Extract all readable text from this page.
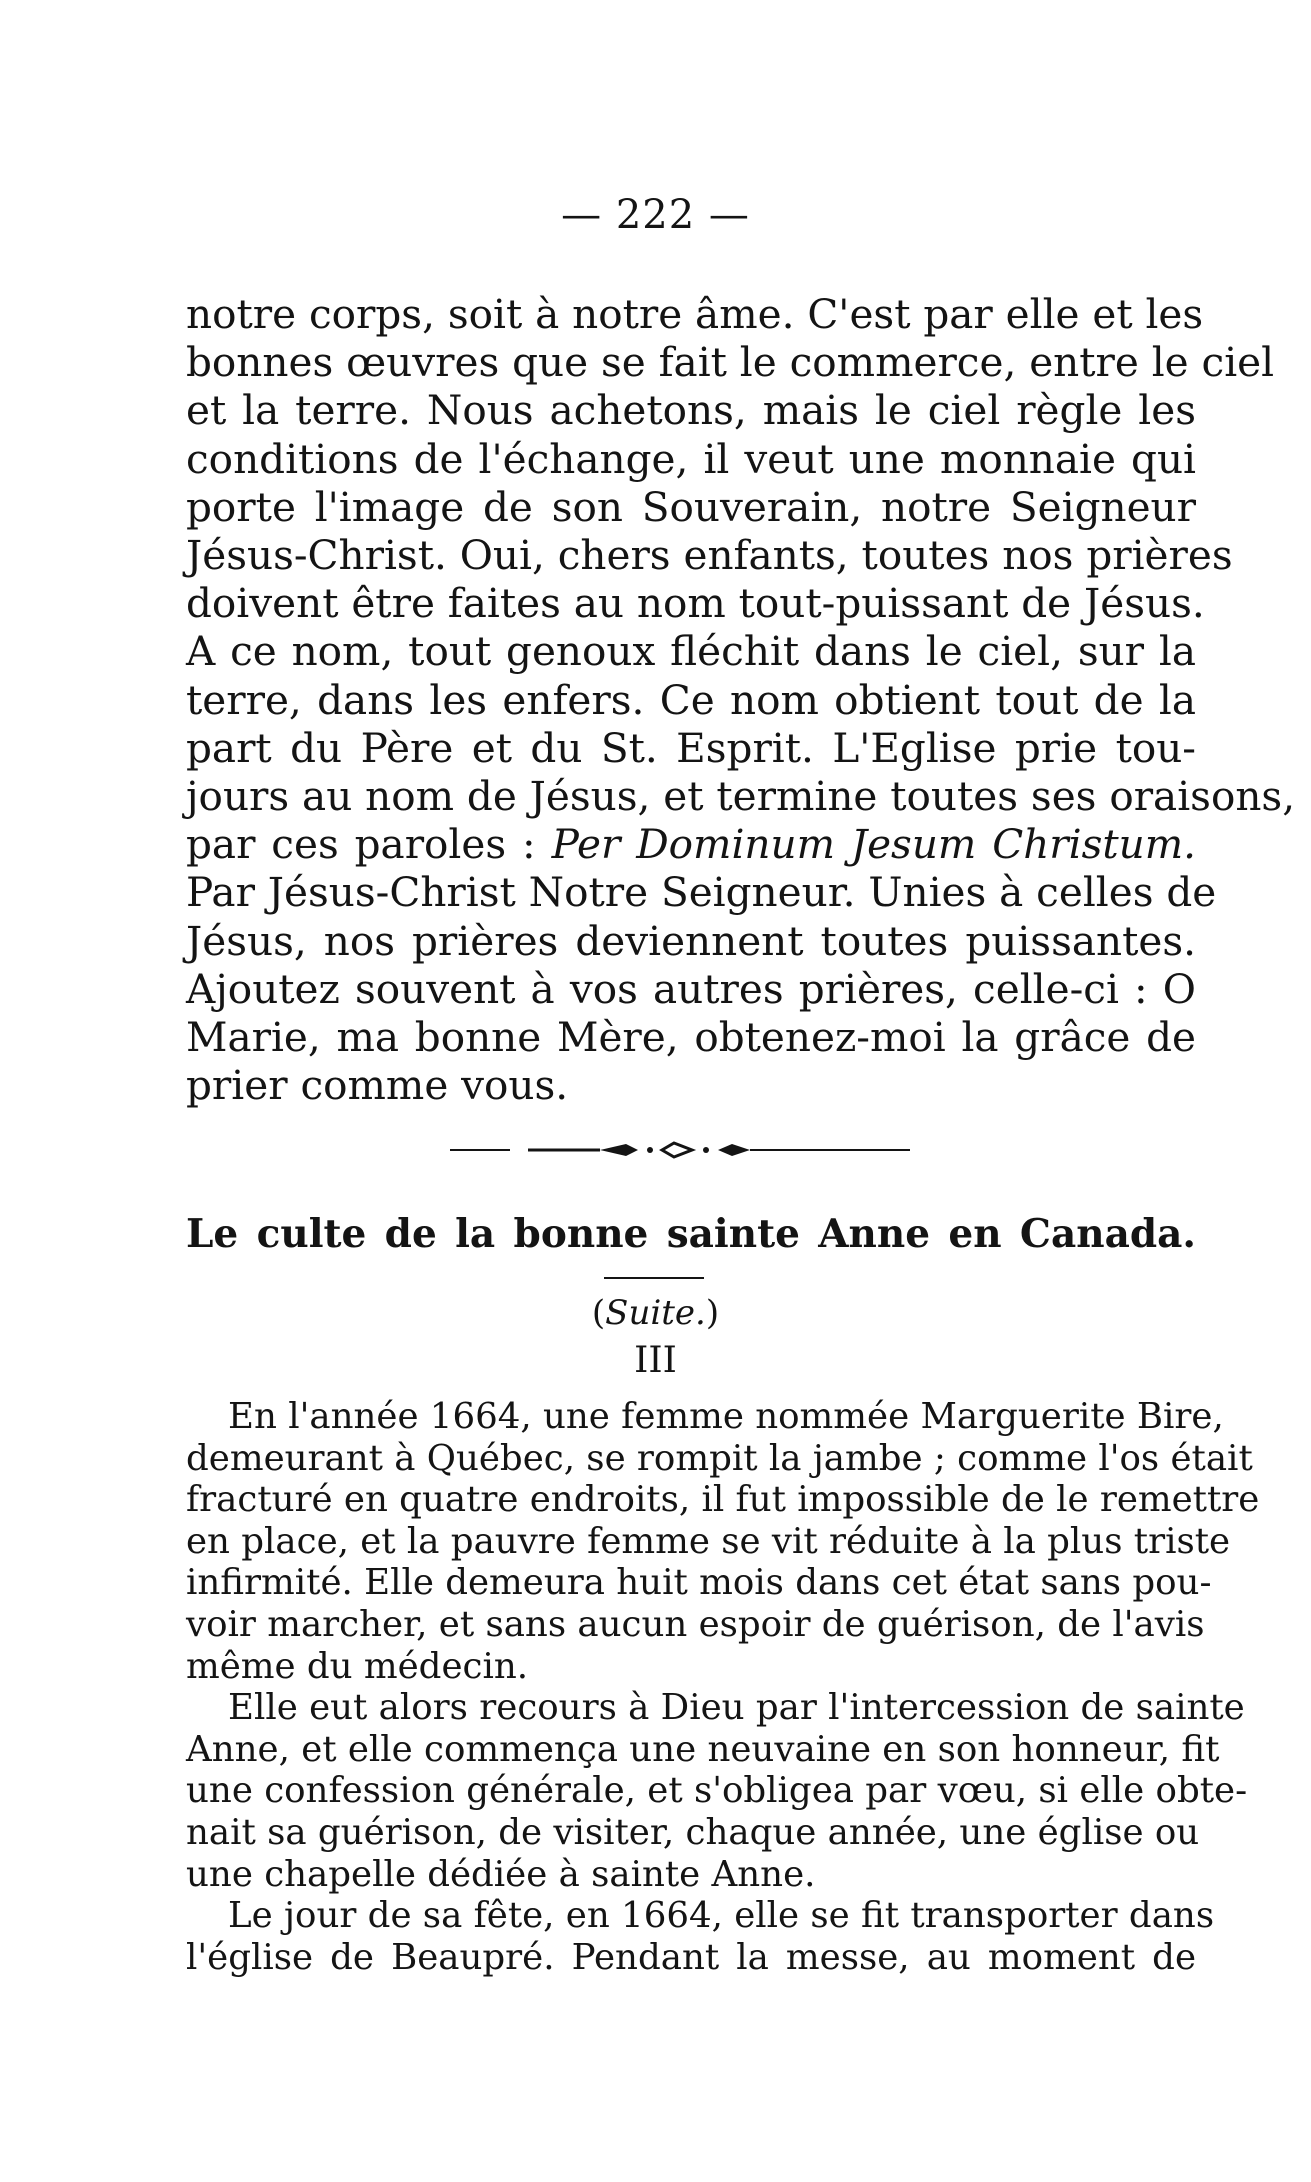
— 222 —
notre corps, soit à notre âme. C'est par elle et les
bonnes œuvres que se fait le commerce, entre le ciel
et la terre. Nous achetons, mais le ciel règle les
conditions de l'échange, il veut une monnaie qui
porte l'image de son Souverain, notre Seigneur
Jésus-Christ. Oui, chers enfants, toutes nos prières
doivent être faites au nom tout-puissant de Jésus.
A ce nom, tout genoux fléchit dans le ciel, sur la
terre, dans les enfers. Ce nom obtient tout de la
part du Père et du St. Esprit. L'Eglise prie tou-
jours au nom de Jésus, et termine toutes ses oraisons,
par ces paroles : Per Dominum Jesum Christum.
Par Jésus-Christ Notre Seigneur. Unies à celles de
Jésus, nos prières deviennent toutes puissantes.
Ajoutez souvent à vos autres prières, celle-ci : O
Marie, ma bonne Mère, obtenez-moi la grâce de
prier comme vous.
Le culte de la bonne sainte Anne en Canada.
(Suite.)
III
En l'année 1664, une femme nommée Marguerite Bire,
demeurant à Québec, se rompit la jambe ; comme l'os était
fracturé en quatre endroits, il fut impossible de le remettre
en place, et la pauvre femme se vit réduite à la plus triste
infirmité. Elle demeura huit mois dans cet état sans pou-
voir marcher, et sans aucun espoir de guérison, de l'avis
même du médecin.
Elle eut alors recours à Dieu par l'intercession de sainte
Anne, et elle commença une neuvaine en son honneur, fit
une confession générale, et s'obligea par vœu, si elle obte-
nait sa guérison, de visiter, chaque année, une église ou
une chapelle dédiée à sainte Anne.
Le jour de sa fête, en 1664, elle se fit transporter dans
l'église de Beaupré. Pendant la messe, au moment de
